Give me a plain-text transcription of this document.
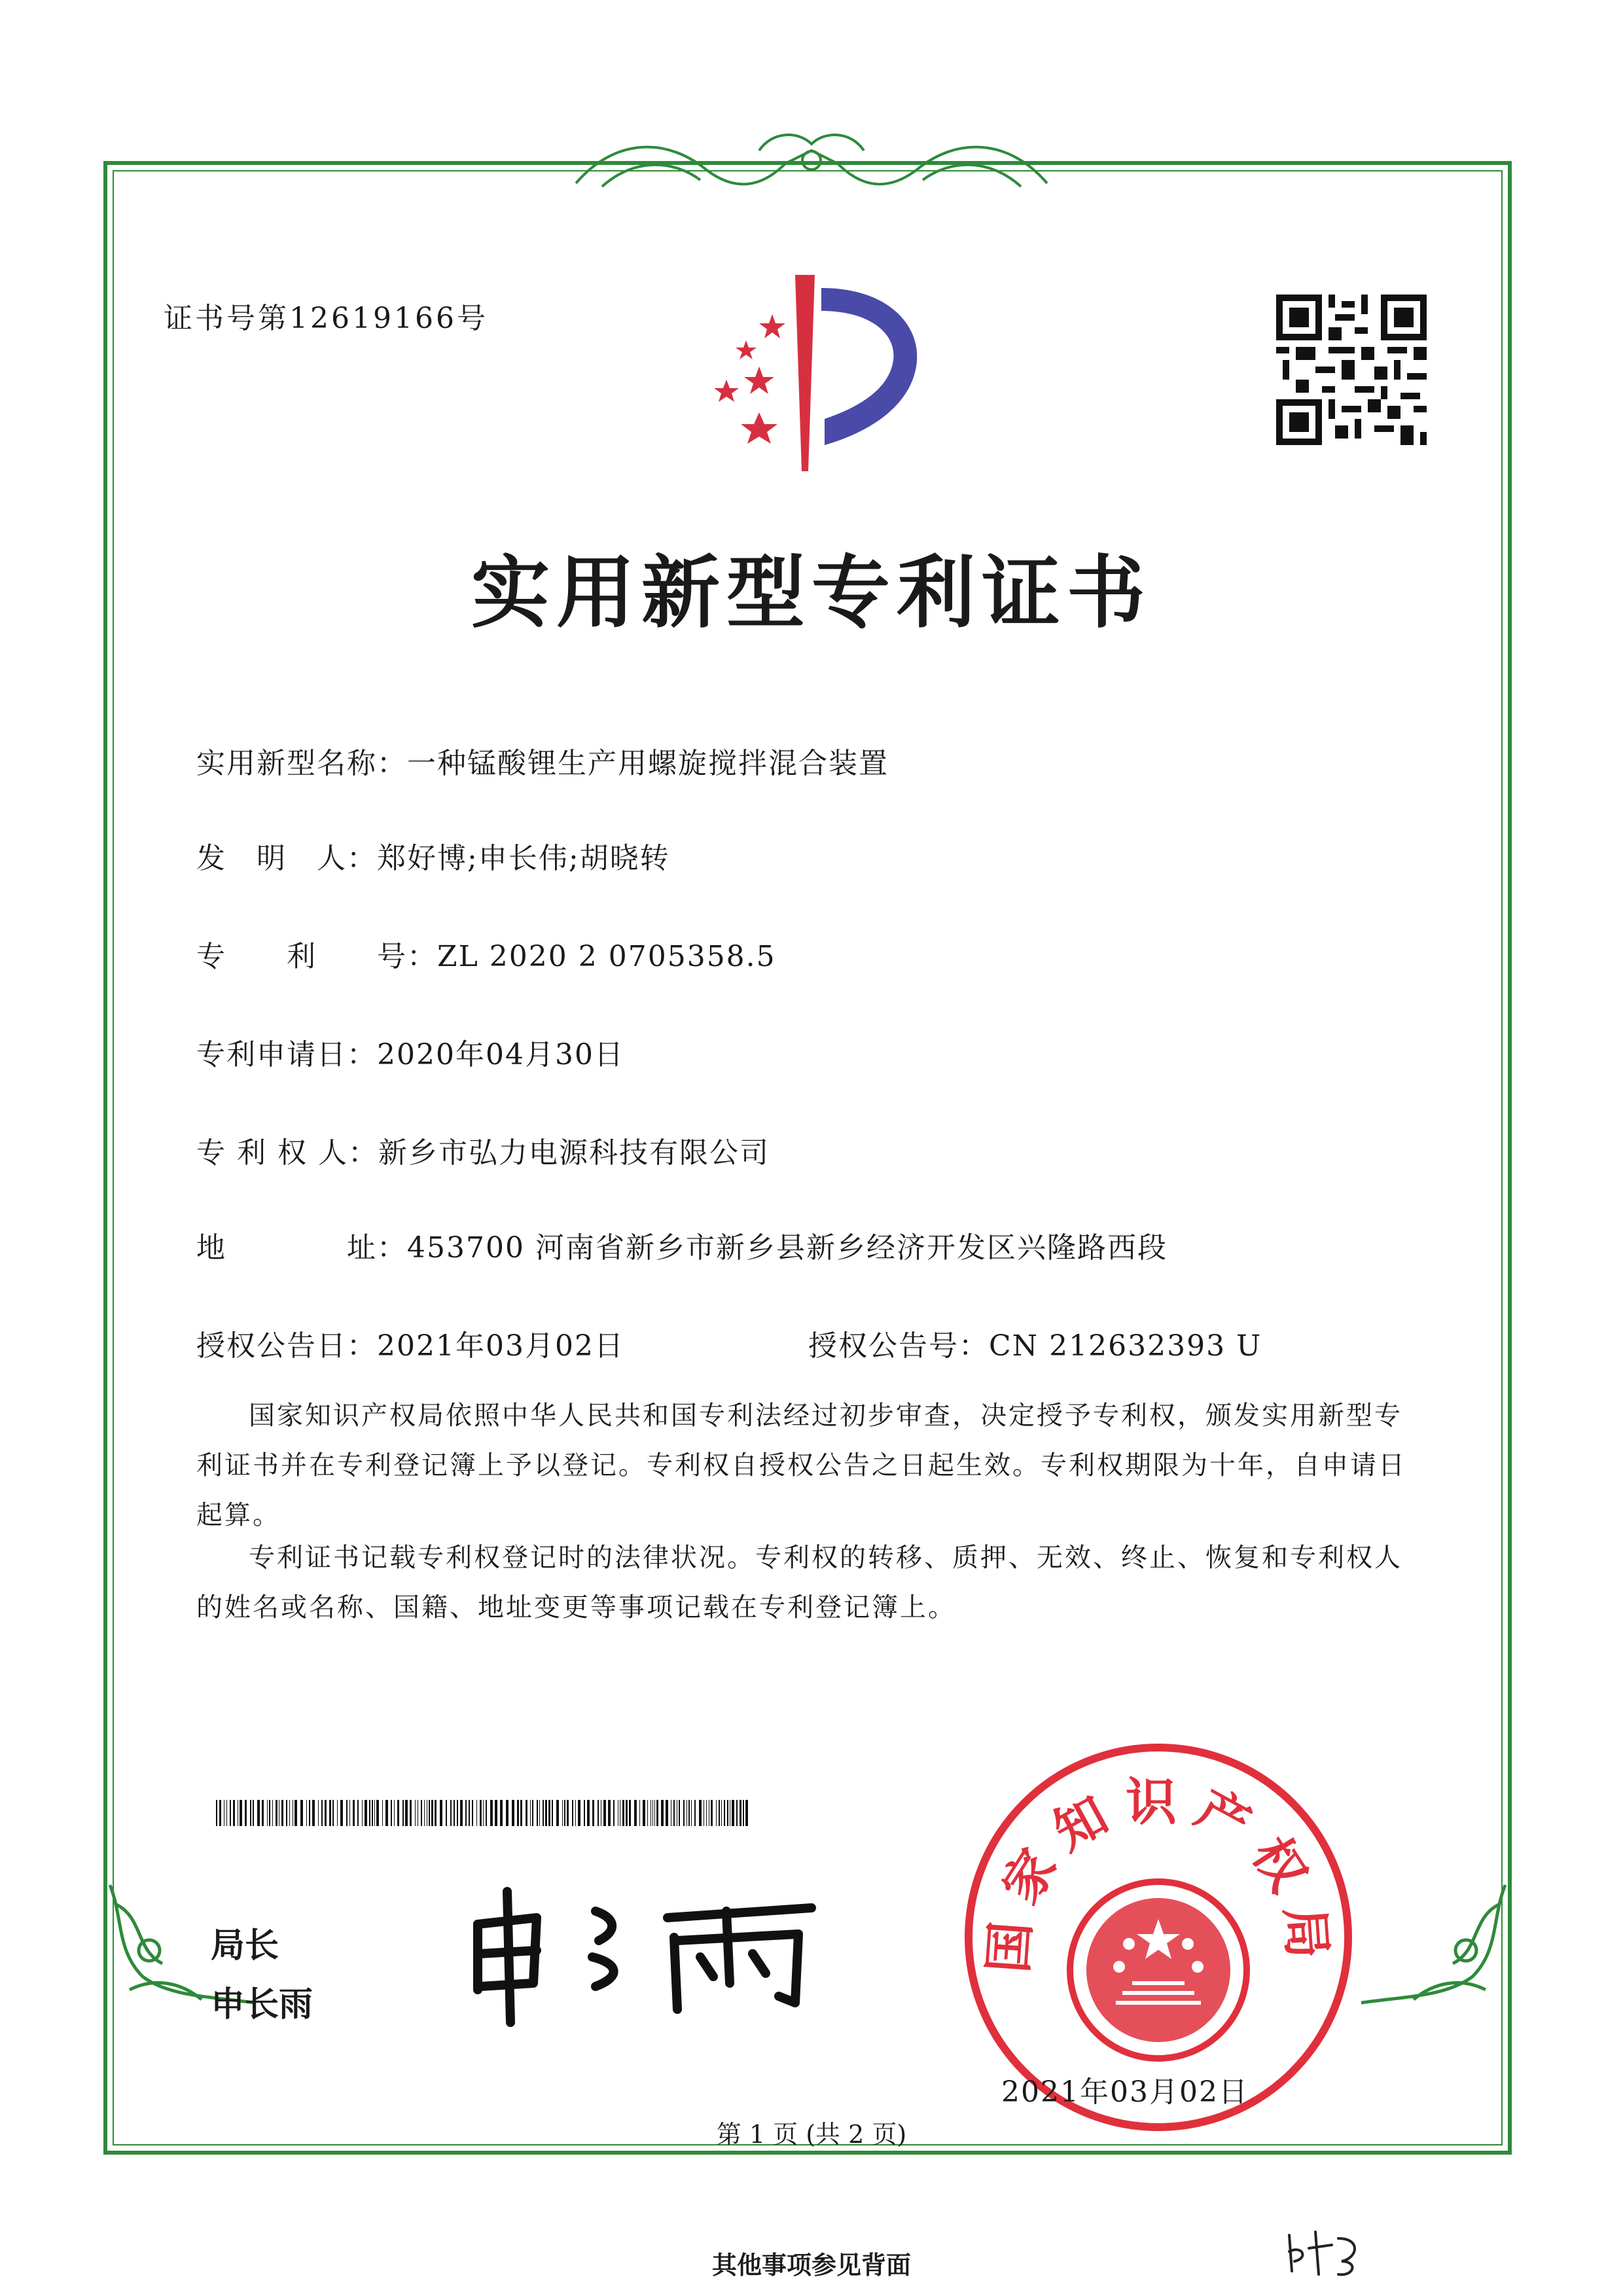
证书号第12619166号
实用新型专利证书
实用新型名称：一种锰酸锂生产用螺旋搅拌混合装置
发　明　人：郑好博;申长伟;胡晓转
专　　利　　号：ZL 2020 2 0705358.5
专利申请日：2020年04月30日
专 利 权 人：新乡市弘力电源科技有限公司
地　　　　址：453700 河南省新乡市新乡县新乡经济开发区兴隆路西段
授权公告日：2021年03月02日	授权公告号：CN 212632393 U
国家知识产权局依照中华人民共和国专利法经过初步审查，决定授予专利权，颁发实用新型专利证书并在专利登记簿上予以登记。专利权自授权公告之日起生效。专利权期限为十年，自申请日起算。
专利证书记载专利权登记时的法律状况。专利权的转移、质押、无效、终止、恢复和专利权人的姓名或名称、国籍、地址变更等事项记载在专利登记簿上。
局长
申长雨
国家知识产权局
2021年03月02日
第 1 页 (共 2 页)
其他事项参见背面
